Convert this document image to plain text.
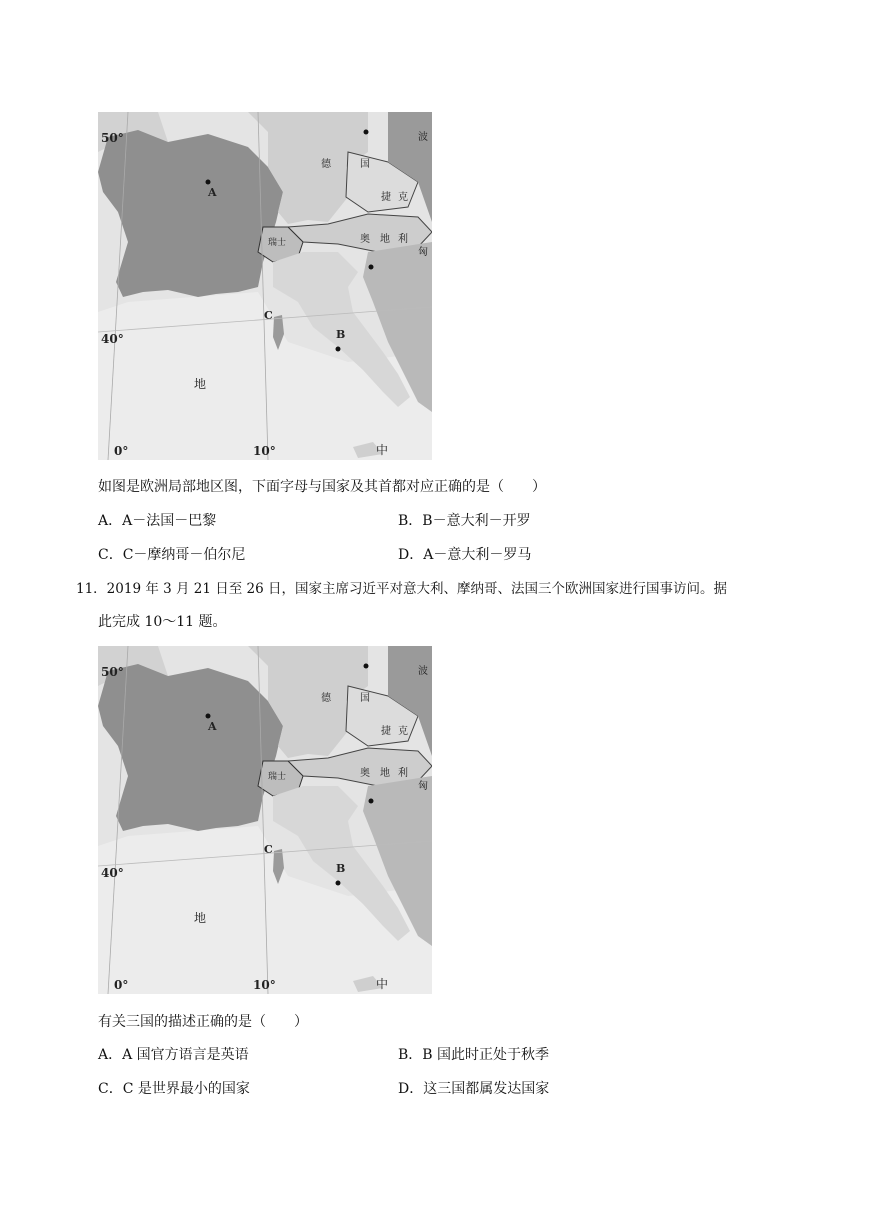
A
B
C
50°
40°
0°	10°
德	国
捷 克
奥 地 利
瑞士
波
匈
地
中
如图是欧洲局部地区图，下面字母与国家及其首都对应正确的是（　　）
A．A－法国－巴黎	B．B－意大利－开罗
C．C－摩纳哥－伯尔尼	D．A－意大利－罗马
11．2019 年 3 月 21 日至 26 日，国家主席习近平对意大利、摩纳哥、法国三个欧洲国家进行国事访问。据
此完成 10～11 题。
A
B
C
50°
40°
0°	10°
德	国
捷 克
奥 地 利
瑞士
波
匈
地
中
有关三国的描述正确的是（　　）
A．A 国官方语言是英语	B．B 国此时正处于秋季
C．C 是世界最小的国家	D．这三国都属发达国家
